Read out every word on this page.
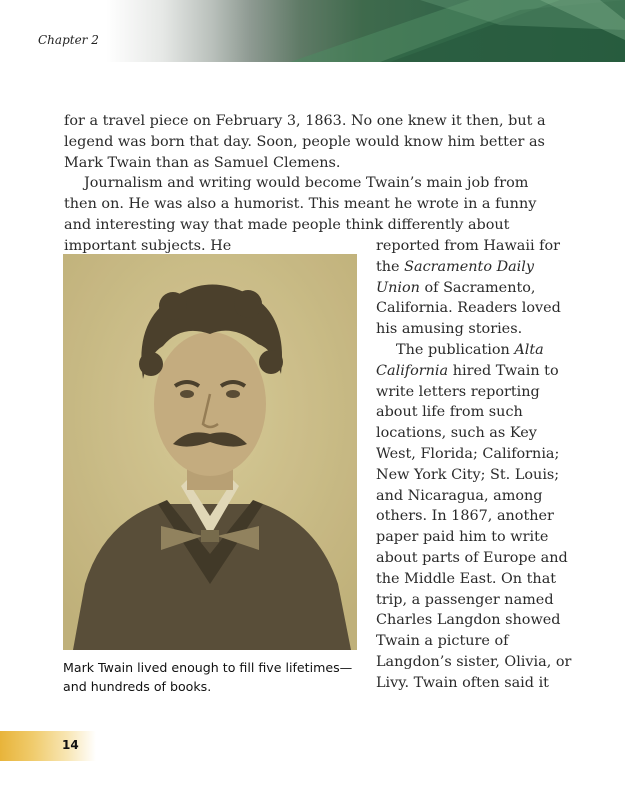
Chapter 2

for a travel piece on February 3, 1863. No one knew it then, but a legend was born that day. Soon, people would know him better as Mark Twain than as Samuel Clemens.

Journalism and writing would become Twain’s main job from then on. He was also a humorist. This meant he wrote in a funny and interesting way that made people think differently about important subjects. He

Mark Twain lived enough to fill five lifetimes—and hundreds of books.
reported from Hawaii for
the Sacramento Daily
Union of Sacramento,
California. Readers loved
his amusing stories.
The publication Alta
California hired Twain to
write letters reporting
about life from such
locations, such as Key
West, Florida; California;
New York City; St. Louis;
and Nicaragua, among
others. In 1867, another
paper paid him to write
about parts of Europe and
the Middle East. On that
trip, a passenger named
Charles Langdon showed
Twain a picture of
Langdon’s sister, Olivia, or
Livy. Twain often said it
14
